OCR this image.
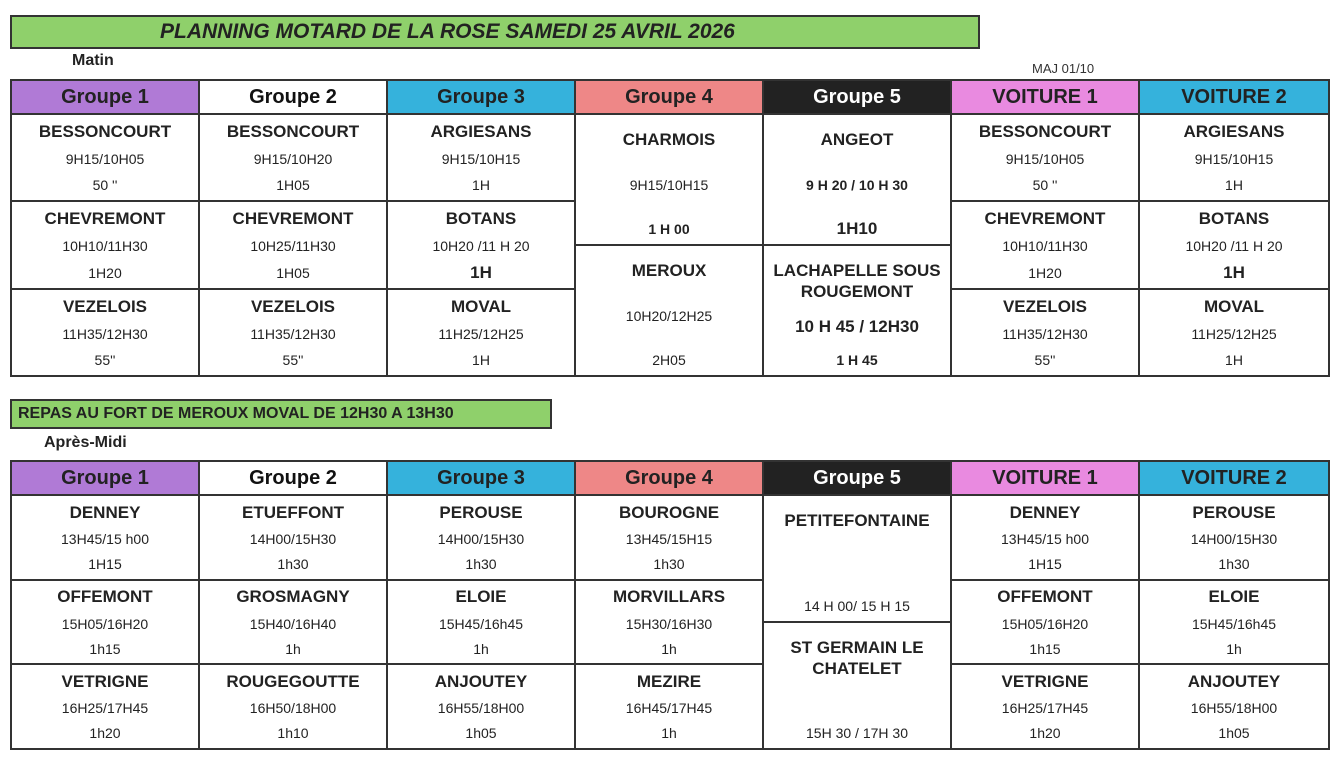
PLANNING MOTARD DE LA ROSE SAMEDI 25 AVRIL 2026
Matin	MAJ 01/10
Groupe 1
BESSONCOURT
9H15/10H05
50 ''
CHEVREMONT
10H10/11H30
1H20
VEZELOIS
11H35/12H30
55''
Groupe 2
BESSONCOURT
9H15/10H20
1H05
CHEVREMONT
10H25/11H30
1H05
VEZELOIS
11H35/12H30
55''
Groupe 3
ARGIESANS
9H15/10H15
1H
BOTANS
10H20 /11 H 20
1H
MOVAL
11H25/12H25
1H
Groupe 4
CHARMOIS
9H15/10H15
1 H 00
MEROUX
10H20/12H25
2H05
Groupe 5
ANGEOT
9 H 20 / 10 H 30
1H10
LACHAPELLE SOUS ROUGEMONT
10 H 45 / 12H30
1 H 45
VOITURE 1
BESSONCOURT
9H15/10H05
50 ''
CHEVREMONT
10H10/11H30
1H20
VEZELOIS
11H35/12H30
55''
VOITURE 2
ARGIESANS
9H15/10H15
1H
BOTANS
10H20 /11 H 20
1H
MOVAL
11H25/12H25
1H
REPAS AU FORT DE MEROUX MOVAL DE 12H30 A 13H30
Après-Midi
Groupe 1
DENNEY
13H45/15 h00
1H15
OFFEMONT
15H05/16H20
1h15
VETRIGNE
16H25/17H45
1h20
Groupe 2
ETUEFFONT
14H00/15H30
1h30
GROSMAGNY
15H40/16H40
1h
ROUGEGOUTTE
16H50/18H00
1h10
Groupe 3
PEROUSE
14H00/15H30
1h30
ELOIE
15H45/16h45
1h
ANJOUTEY
16H55/18H00
1h05
Groupe 4
BOUROGNE
13H45/15H15
1h30
MORVILLARS
15H30/16H30
1h
MEZIRE
16H45/17H45
1h
Groupe 5
PETITEFONTAINE
14 H 00/ 15 H 15
ST GERMAIN LE CHATELET
15H 30 / 17H 30
VOITURE 1
DENNEY
13H45/15 h00
1H15
OFFEMONT
15H05/16H20
1h15
VETRIGNE
16H25/17H45
1h20
VOITURE 2
PEROUSE
14H00/15H30
1h30
ELOIE
15H45/16h45
1h
ANJOUTEY
16H55/18H00
1h05
